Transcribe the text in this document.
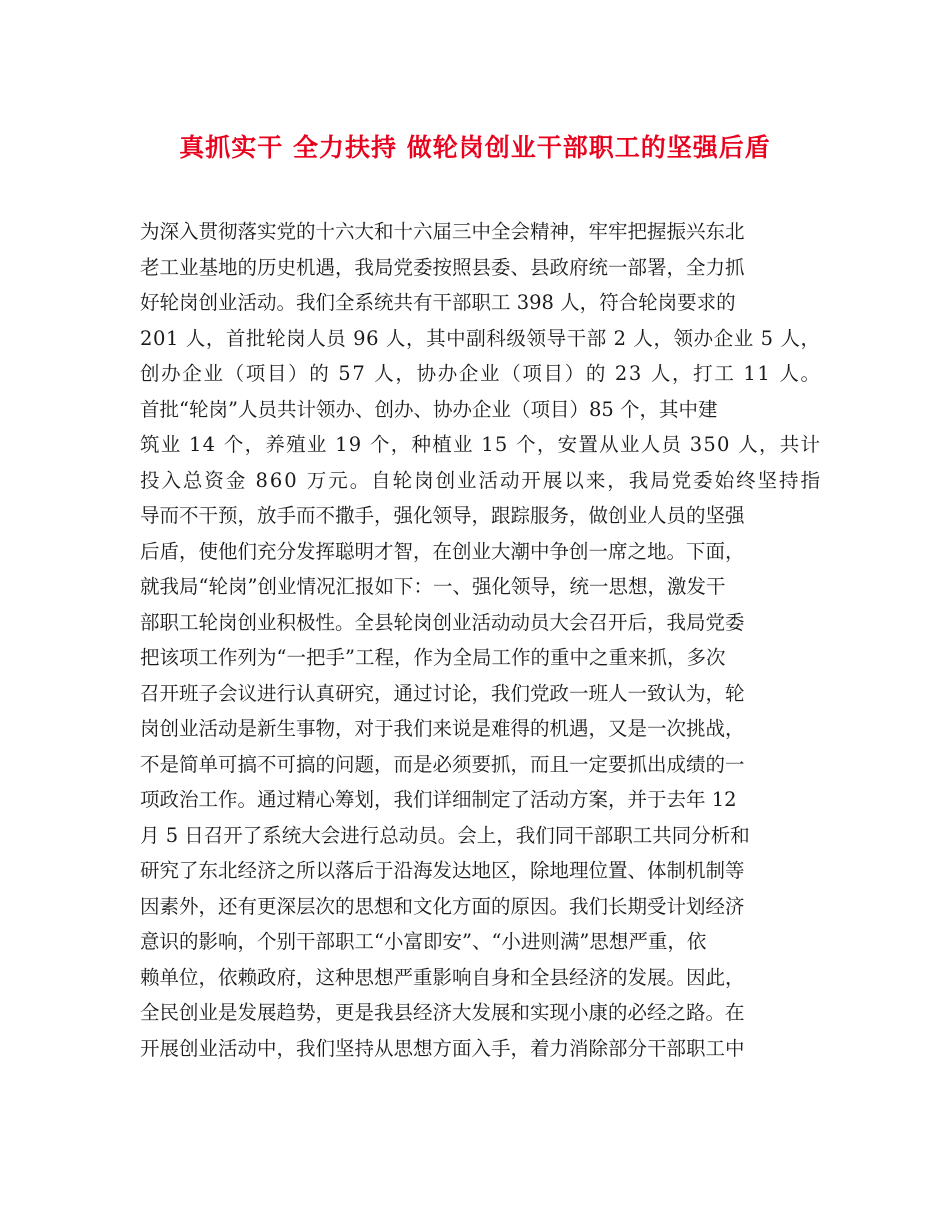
真抓实干 全力扶持 做轮岗创业干部职工的坚强后盾
为深入贯彻落实党的十六大和十六届三中全会精神，牢牢把握振兴东北
老工业基地的历史机遇，我局党委按照县委、县政府统一部署，全力抓
好轮岗创业活动。我们全系统共有干部职工 398 人，符合轮岗要求的
201 人，首批轮岗人员 96 人，其中副科级领导干部 2 人，领办企业 5 人，
创办企业（项目）的 57 人，协办企业（项目）的 23 人，打工 11 人。
首批“轮岗”人员共计领办、创办、协办企业（项目）85 个，其中建
筑业 14 个，养殖业 19 个，种植业 15 个，安置从业人员 350 人，共计
投入总资金 860 万元。自轮岗创业活动开展以来，我局党委始终坚持指
导而不干预，放手而不撒手，强化领导，跟踪服务，做创业人员的坚强
后盾，使他们充分发挥聪明才智，在创业大潮中争创一席之地。下面，
就我局“轮岗”创业情况汇报如下：一、强化领导，统一思想，激发干
部职工轮岗创业积极性。全县轮岗创业活动动员大会召开后，我局党委
把该项工作列为“一把手”工程，作为全局工作的重中之重来抓，多次
召开班子会议进行认真研究，通过讨论，我们党政一班人一致认为，轮
岗创业活动是新生事物，对于我们来说是难得的机遇，又是一次挑战，
不是简单可搞不可搞的问题，而是必须要抓，而且一定要抓出成绩的一
项政治工作。通过精心筹划，我们详细制定了活动方案，并于去年 12
月 5 日召开了系统大会进行总动员。会上，我们同干部职工共同分析和
研究了东北经济之所以落后于沿海发达地区，除地理位置、体制机制等
因素外，还有更深层次的思想和文化方面的原因。我们长期受计划经济
意识的影响，个别干部职工“小富即安”、“小进则满”思想严重，依
赖单位，依赖政府，这种思想严重影响自身和全县经济的发展。因此，
全民创业是发展趋势，更是我县经济大发展和实现小康的必经之路。在
开展创业活动中，我们坚持从思想方面入手，着力消除部分干部职工中
